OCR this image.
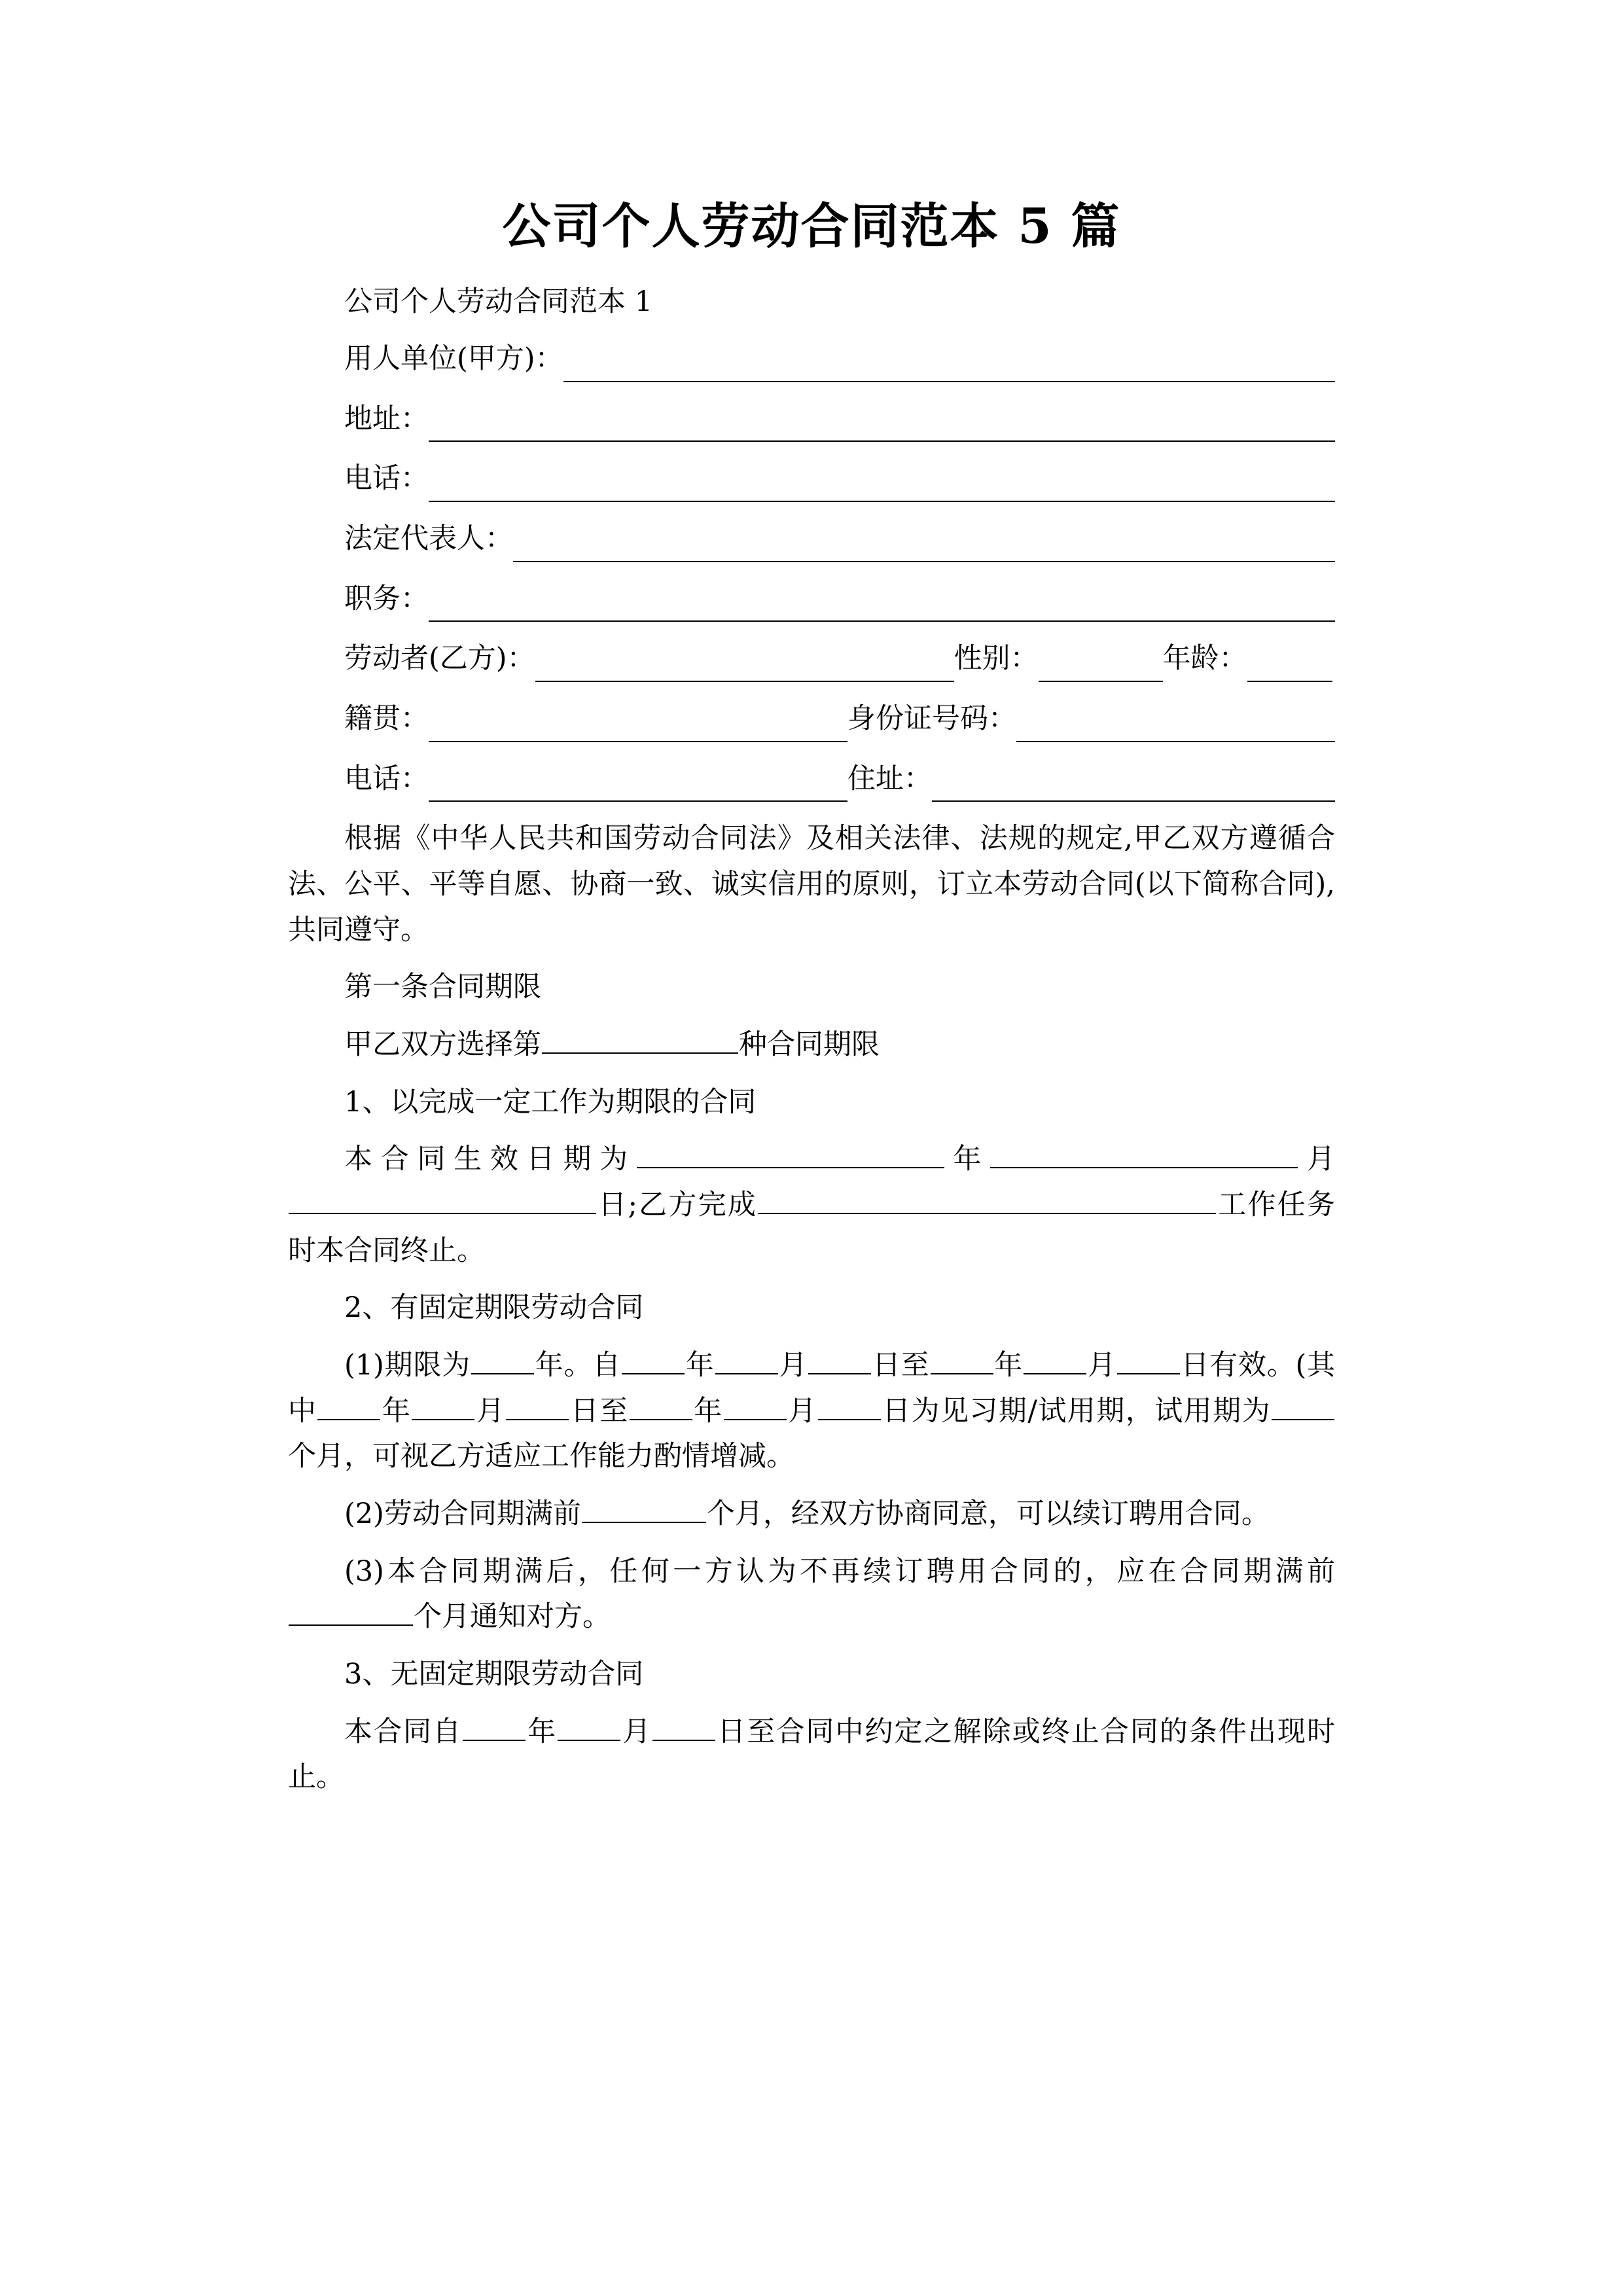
公司个人劳动合同范本 5 篇

公司个人劳动合同范本 1

用人单位(甲方)：
地址：
电话：
法定代表人：
职务：
劳动者(乙方)：	性别：	年龄：
籍贯：	身份证号码：
电话：	住址：

根据《中华人民共和国劳动合同法》及相关法律、法规的规定,甲乙双方遵循合法、公平、平等自愿、协商一致、诚实信用的原则，订立本劳动合同(以下简称合同),共同遵守。

第一条合同期限

甲乙双方选择第	种合同期限

1、以完成一定工作为期限的合同

本合同生效日期为	年	月日;乙方完成	工作任务时本合同终止。

2、有固定期限劳动合同

(1)期限为 年。自 年 月 日至 年 月 日有效。(其中 年 月 日至 年 月 日为见习期/试用期，试用期为个月，可视乙方适应工作能力酌情增减。

(2)劳动合同期满前	个月，经双方协商同意，可以续订聘用合同。

(3)本合同期满后，任何一方认为不再续订聘用合同的，应在合同期满前个月通知对方。

3、无固定期限劳动合同

本合同自 年 月 日至合同中约定之解除或终止合同的条件出现时止。
